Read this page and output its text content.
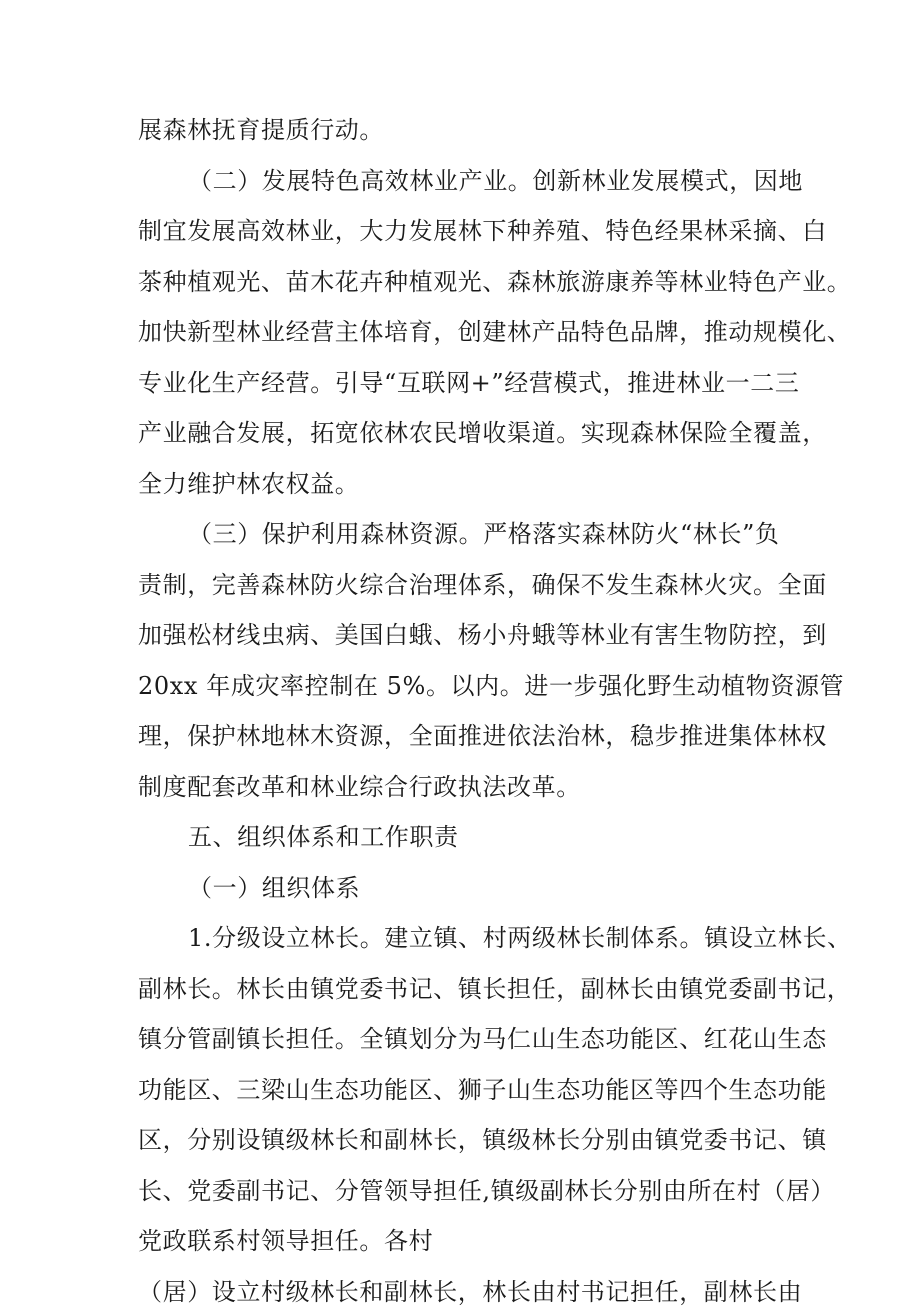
展森林抚育提质行动。
（二）发展特色高效林业产业。创新林业发展模式，因地
制宜发展高效林业，大力发展林下种养殖、特色经果林采摘、白
茶种植观光、苗木花卉种植观光、森林旅游康养等林业特色产业。
加快新型林业经营主体培育，创建林产品特色品牌，推动规模化、
专业化生产经营。引导“互联网+”经营模式，推进林业一二三
产业融合发展，拓宽依林农民增收渠道。实现森林保险全覆盖，
全力维护林农权益。
（三）保护利用森林资源。严格落实森林防火“林长”负
责制，完善森林防火综合治理体系，确保不发生森林火灾。全面
加强松材线虫病、美国白蛾、杨小舟蛾等林业有害生物防控，到
20xx 年成灾率控制在 5%。以内。进一步强化野生动植物资源管
理，保护林地林木资源，全面推进依法治林，稳步推进集体林权
制度配套改革和林业综合行政执法改革。
五、组织体系和工作职责
（一）组织体系
1.分级设立林长。建立镇、村两级林长制体系。镇设立林长、
副林长。林长由镇党委书记、镇长担任，副林长由镇党委副书记，
镇分管副镇长担任。全镇划分为马仁山生态功能区、红花山生态
功能区、三梁山生态功能区、狮子山生态功能区等四个生态功能
区，分别设镇级林长和副林长，镇级林长分别由镇党委书记、镇
长、党委副书记、分管领导担任,镇级副林长分别由所在村（居）
党政联系村领导担任。各村
（居）设立村级林长和副林长，林长由村书记担任，副林长由
